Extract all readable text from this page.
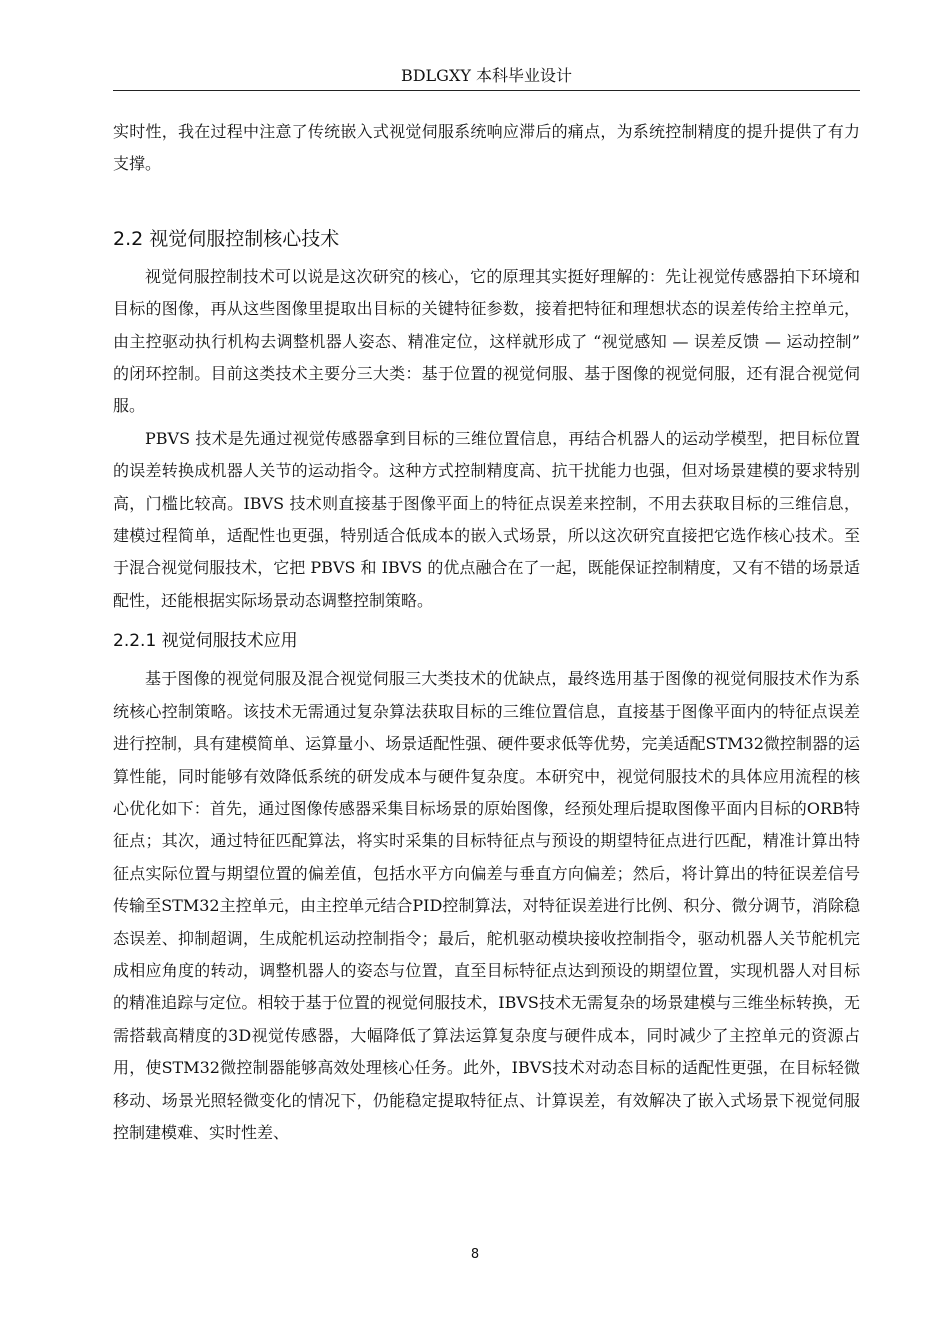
BDLGXY 本科毕业设计

实时性，我在过程中注意了传统嵌入式视觉伺服系统响应滞后的痛点，为系统控制精度的提升提供了有力支撑。

2.2 视觉伺服控制核心技术

视觉伺服控制技术可以说是这次研究的核心，它的原理其实挺好理解的：先让视觉传感器拍下环境和目标的图像，再从这些图像里提取出目标的关键特征参数，接着把特征和理想状态的误差传给主控单元，由主控驱动执行机构去调整机器人姿态、精准定位，这样就形成了 “视觉感知 — 误差反馈 — 运动控制” 的闭环控制。目前这类技术主要分三大类：基于位置的视觉伺服、基于图像的视觉伺服，还有混合视觉伺服。

PBVS 技术是先通过视觉传感器拿到目标的三维位置信息，再结合机器人的运动学模型，把目标位置的误差转换成机器人关节的运动指令。这种方式控制精度高、抗干扰能力也强，但对场景建模的要求特别高，门槛比较高。IBVS 技术则直接基于图像平面上的特征点误差来控制，不用去获取目标的三维信息，建模过程简单，适配性也更强，特别适合低成本的嵌入式场景，所以这次研究直接把它选作核心技术。至于混合视觉伺服技术，它把 PBVS 和 IBVS 的优点融合在了一起，既能保证控制精度，又有不错的场景适配性，还能根据实际场景动态调整控制策略。

2.2.1 视觉伺服技术应用

基于图像的视觉伺服及混合视觉伺服三大类技术的优缺点，最终选用基于图像的视觉伺服技术作为系统核心控制策略。该技术无需通过复杂算法获取目标的三维位置信息，直接基于图像平面内的特征点误差进行控制，具有建模简单、运算量小、场景适配性强、硬件要求低等优势，完美适配STM32微控制器的运算性能，同时能够有效降低系统的研发成本与硬件复杂度。本研究中，视觉伺服技术的具体应用流程的核心优化如下：首先，通过图像传感器采集目标场景的原始图像，经预处理后提取图像平面内目标的ORB特征点；其次，通过特征匹配算法，将实时采集的目标特征点与预设的期望特征点进行匹配，精准计算出特征点实际位置与期望位置的偏差值，包括水平方向偏差与垂直方向偏差；然后，将计算出的特征误差信号传输至STM32主控单元，由主控单元结合PID控制算法，对特征误差进行比例、积分、微分调节，消除稳态误差、抑制超调，生成舵机运动控制指令；最后，舵机驱动模块接收控制指令，驱动机器人关节舵机完成相应角度的转动，调整机器人的姿态与位置，直至目标特征点达到预设的期望位置，实现机器人对目标的精准追踪与定位。相较于基于位置的视觉伺服技术，IBVS技术无需复杂的场景建模与三维坐标转换，无需搭载高精度的3D视觉传感器，大幅降低了算法运算复杂度与硬件成本，同时减少了主控单元的资源占用，使STM32微控制器能够高效处理核心任务。此外，IBVS技术对动态目标的适配性更强，在目标轻微移动、场景光照轻微变化的情况下，仍能稳定提取特征点、计算误差，有效解决了嵌入式场景下视觉伺服控制建模难、实时性差、

8
